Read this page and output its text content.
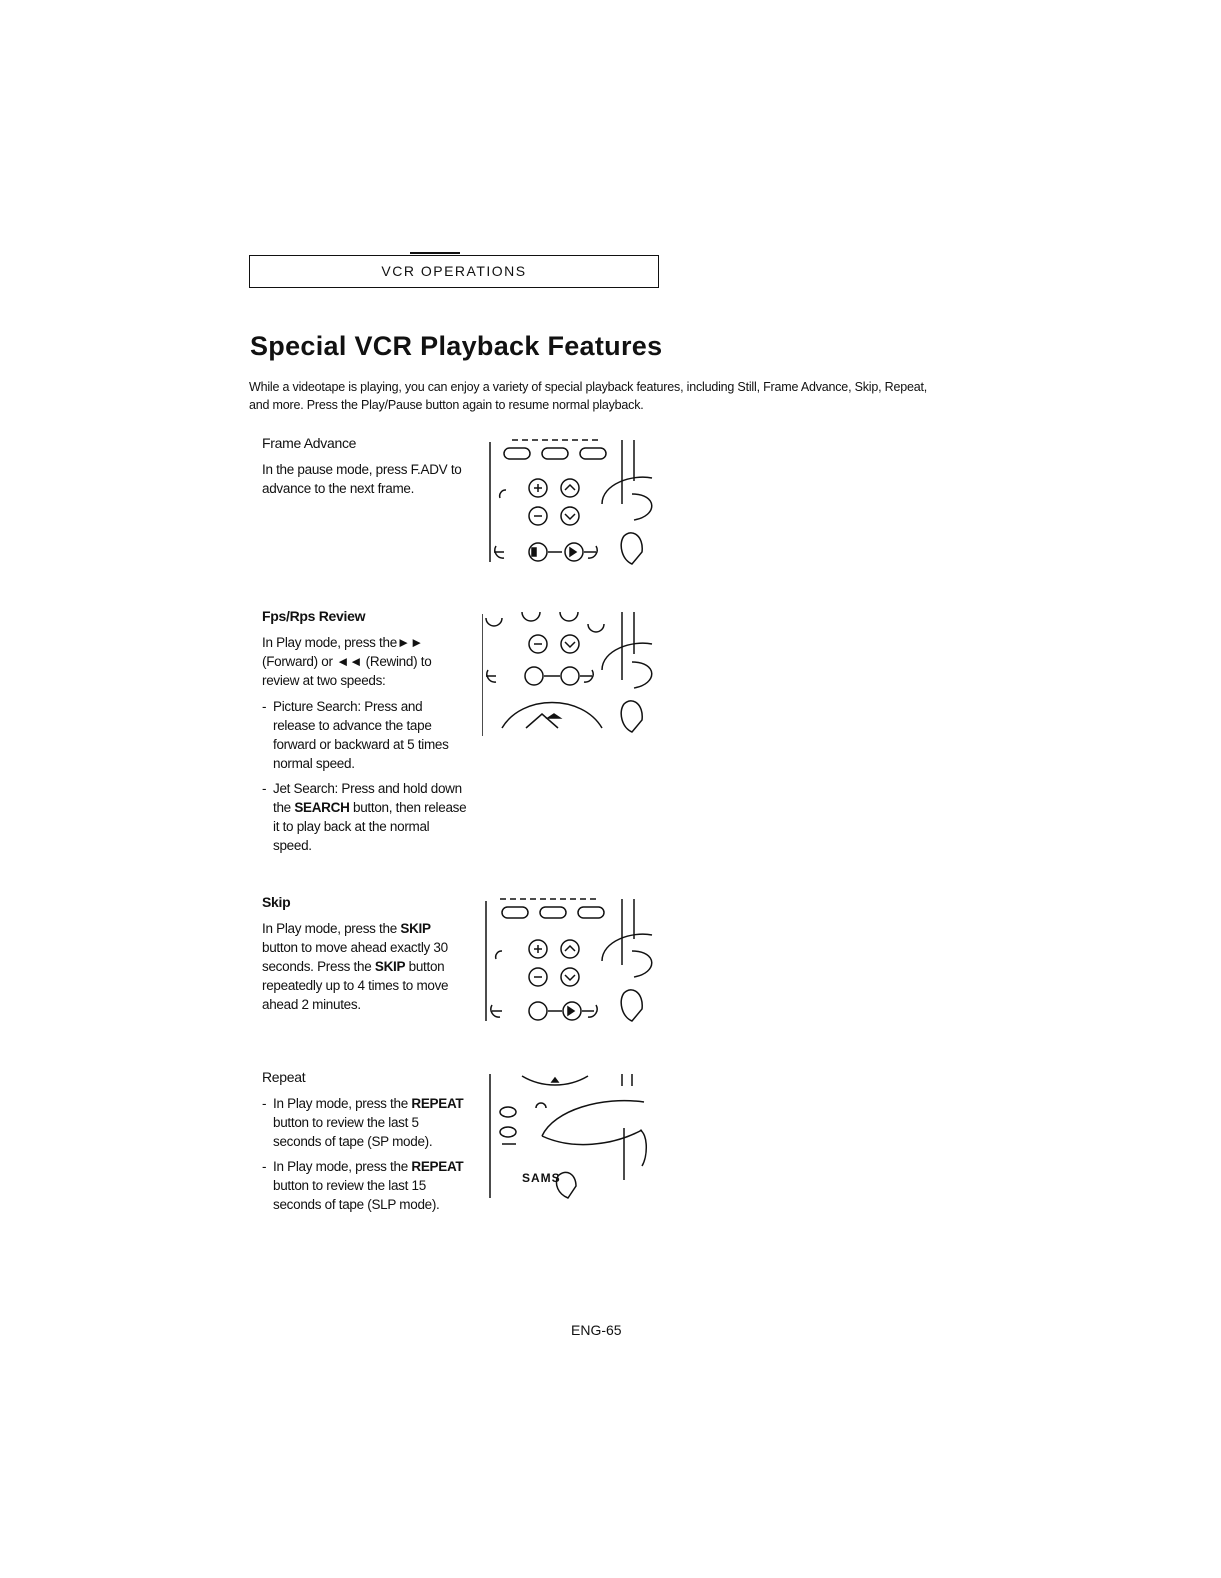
VCR OPERATIONS
Special VCR Playback Features

While a videotape is playing, you can enjoy a variety of special playback features, including Still, Frame Advance, Skip, Repeat, and more. Press the Play/Pause button again to resume normal playback.

Frame Advance

In the pause mode, press F.ADV to advance to the next frame.

Fps/Rps Review

In Play mode, press the►► (Forward) or ◄◄ (Rewind) to review at two speeds:

- Picture Search: Press and release to advance the tape forward or backward at 5 times normal speed.
- Jet Search: Press and hold down the SEARCH button, then release it to play back at the normal speed.
Skip

In Play mode, press the SKIP button to move ahead exactly 30 seconds. Press the SKIP button repeatedly up to 4 times to move ahead 2 minutes.

Repeat
- In Play mode, press the REPEAT button to review the last 5 seconds of tape (SP mode).
- In Play mode, press the REPEAT button to review the last 15 seconds of tape (SLP mode).
SAMS
ENG-65
